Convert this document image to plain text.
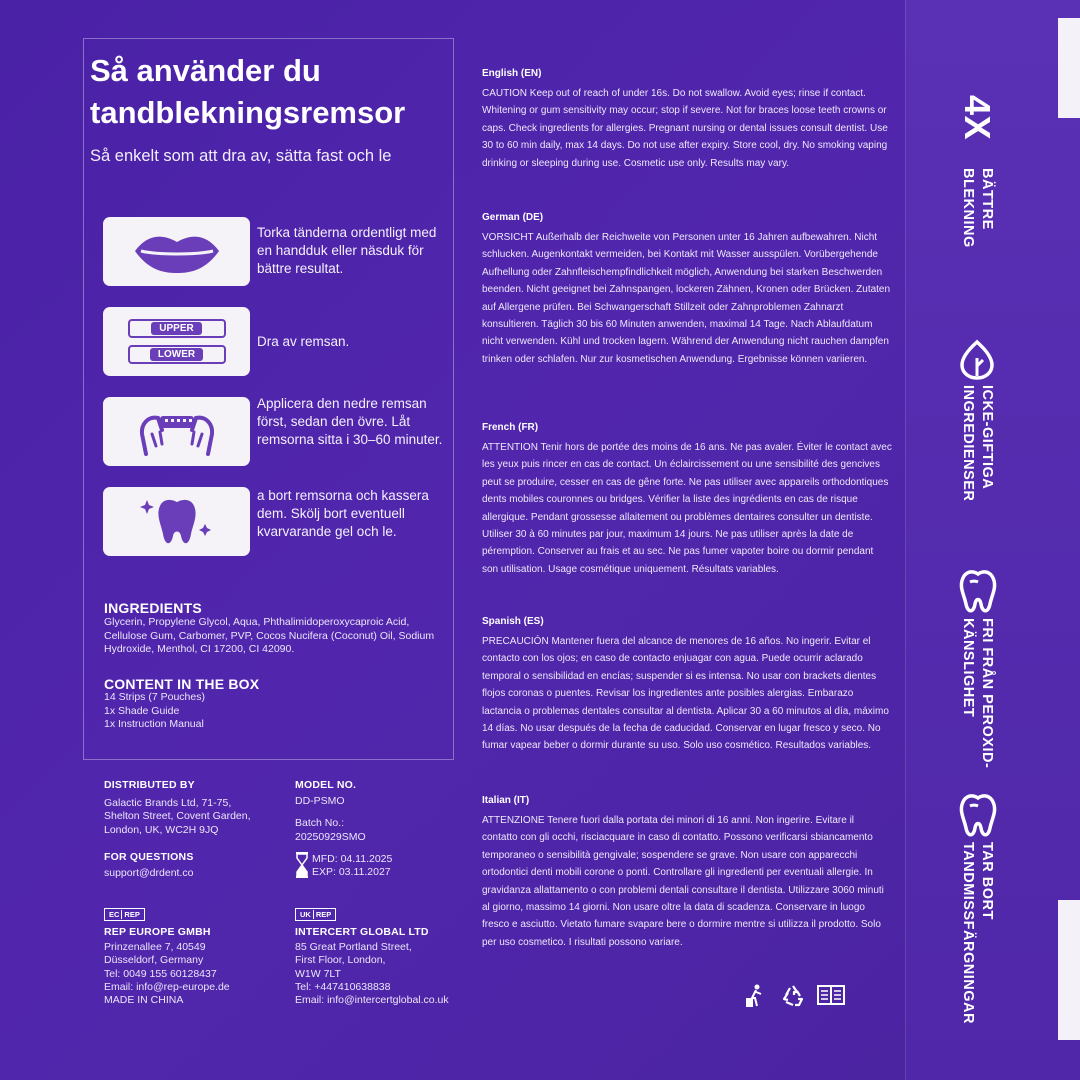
Så använder du
tandblekningsremsor
Så enkelt som att dra av, sätta fast och le
Torka tänderna ordentligt med en handduk eller näsduk för bättre resultat.
UPPER
LOWER
Dra av remsan.
Applicera den nedre remsan först, sedan den övre. Låt remsorna sitta i 30–60 minuter.
a bort remsorna och kassera dem. Skölj bort eventuell kvarvarande gel och le.
INGREDIENTS
Glycerin, Propylene Glycol, Aqua, Phthalimidoperoxycaproic Acid, Cellulose Gum, Carbomer, PVP, Cocos Nucifera (Coconut) Oil, Sodium Hydroxide, Menthol, CI 17200, CI 42090.
CONTENT IN THE BOX
14 Strips (7 Pouches)
1x Shade Guide
1x Instruction Manual
DISTRIBUTED BY
Galactic Brands Ltd, 71-75,
Shelton Street, Covent Garden,
London, UK, WC2H 9JQ
FOR QUESTIONS
support@drdent.co
MODEL NO.
DD-PSMO
Batch No.:
20250929SMO
MFD: 04.11.2025
EXP: 03.11.2027
EC REP
REP EUROPE GMBH
Prinzenallee 7, 40549
Düsseldorf, Germany
Tel: 0049 155 60128437
Email: info@rep-europe.de
MADE IN CHINA
UK REP
INTERCERT GLOBAL LTD
85 Great Portland Street,
First Floor, London,
W1W 7LT
Tel: +447410638838
Email: info@intercertglobal.co.uk
English (EN)
CAUTION Keep out of reach of under 16s. Do not swallow. Avoid eyes; rinse if contact. Whitening or gum sensitivity may occur; stop if severe. Not for braces loose teeth crowns or caps. Check ingredients for allergies. Pregnant nursing or dental issues consult dentist. Use 30 to 60 min daily, max 14 days. Do not use after expiry. Store cool, dry. No smoking vaping drinking or sleeping during use. Cosmetic use only. Results may vary.
German (DE)
VORSICHT Außerhalb der Reichweite von Personen unter 16 Jahren aufbewahren. Nicht schlucken. Augenkontakt vermeiden, bei Kontakt mit Wasser ausspülen. Vorübergehende Aufhellung oder Zahnfleischempfindlichkeit möglich, Anwendung bei starken Beschwerden beenden. Nicht geeignet bei Zahnspangen, lockeren Zähnen, Kronen oder Brücken. Zutaten auf Allergene prüfen. Bei Schwangerschaft Stillzeit oder Zahnproblemen Zahnarzt konsultieren. Täglich 30 bis 60 Minuten anwenden, maximal 14 Tage. Nach Ablaufdatum nicht verwenden. Kühl und trocken lagern. Während der Anwendung nicht rauchen dampfen trinken oder schlafen. Nur zur kosmetischen Anwendung. Ergebnisse können variieren.
French (FR)
ATTENTION Tenir hors de portée des moins de 16 ans. Ne pas avaler. Éviter le contact avec les yeux puis rincer en cas de contact. Un éclaircissement ou une sensibilité des gencives peut se produire, cesser en cas de gêne forte. Ne pas utiliser avec appareils orthodontiques dents mobiles couronnes ou bridges. Vérifier la liste des ingrédients en cas de risque allergique. Pendant grossesse allaitement ou problèmes dentaires consulter un dentiste. Utiliser 30 à 60 minutes par jour, maximum 14 jours. Ne pas utiliser après la date de péremption. Conserver au frais et au sec. Ne pas fumer vapoter boire ou dormir pendant son utilisation. Usage cosmétique uniquement. Résultats variables.
Spanish (ES)
PRECAUCIÓN Mantener fuera del alcance de menores de 16 años. No ingerir. Evitar el contacto con los ojos; en caso de contacto enjuagar con agua. Puede ocurrir aclarado temporal o sensibilidad en encías; suspender si es intensa. No usar con brackets dientes flojos coronas o puentes. Revisar los ingredientes ante posibles alergias. Embarazo lactancia o problemas dentales consultar al dentista. Aplicar 30 a 60 minutos al día, máximo 14 días. No usar después de la fecha de caducidad. Conservar en lugar fresco y seco. No fumar vapear beber o dormir durante su uso. Solo uso cosmético. Resultados variables.
Italian (IT)
ATTENZIONE Tenere fuori dalla portata dei minori di 16 anni. Non ingerire. Evitare il contatto con gli occhi, risciacquare in caso di contatto. Possono verificarsi sbiancamento temporaneo o sensibilità gengivale; sospendere se grave. Non usare con apparecchi ortodontici denti mobili corone o ponti. Controllare gli ingredienti per eventuali allergie. In gravidanza allattamento o con problemi dentali consultare il dentista. Utilizzare 3060 minuti al giorno, massimo 14 giorni. Non usare oltre la data di scadenza. Conservare in luogo fresco e asciutto. Vietato fumare svapare bere o dormire mentre si utilizza il prodotto. Solo per uso cosmetico. I risultati possono variare.
4X
BÄTTRE
BLEKNING
ICKE-GIFTIGA
INGREDIENSER
FRI FRÅN PEROXID-
KÄNSLIGHET
TAR BORT
TANDMISSFÄRGNINGAR
